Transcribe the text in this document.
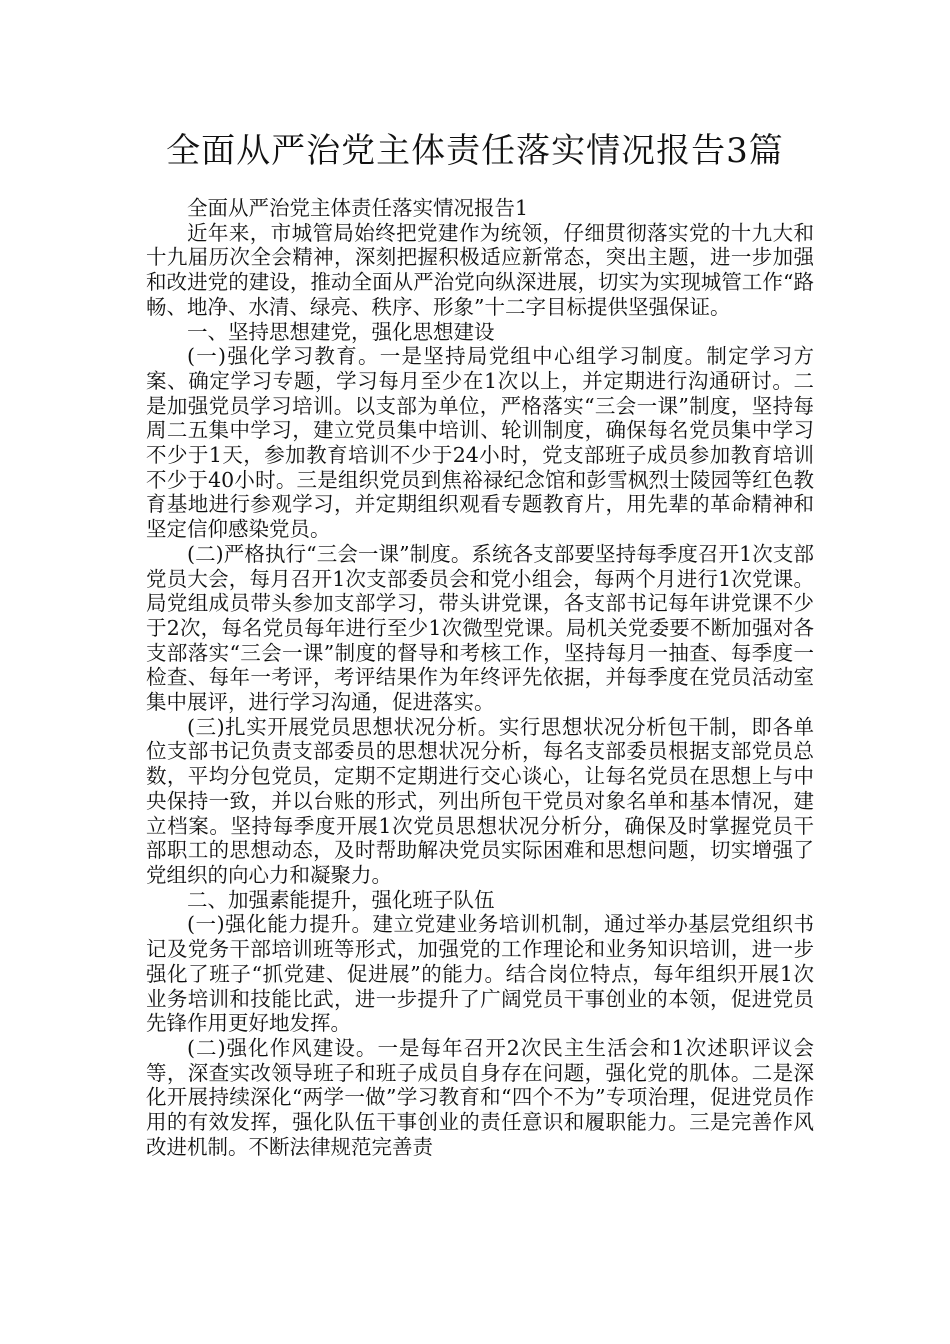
全面从严治党主体责任落实情况报告3篇

全面从严治党主体责任落实情况报告1

近年来，市城管局始终把党建作为统领，仔细贯彻落实党的十九大和十九届历次全会精神，深刻把握积极适应新常态，突出主题，进一步加强和改进党的建设，推动全面从严治党向纵深进展，切实为实现城管工作“路畅、地净、水清、绿亮、秩序、形象”十二字目标提供坚强保证。

一、坚持思想建党，强化思想建设

(一)强化学习教育。一是坚持局党组中心组学习制度。制定学习方案、确定学习专题，学习每月至少在1次以上，并定期进行沟通研讨。二是加强党员学习培训。以支部为单位，严格落实“三会一课”制度，坚持每周二五集中学习，建立党员集中培训、轮训制度，确保每名党员集中学习不少于1天，参加教育培训不少于24小时，党支部班子成员参加教育培训不少于40小时。三是组织党员到焦裕禄纪念馆和彭雪枫烈士陵园等红色教育基地进行参观学习，并定期组织观看专题教育片，用先辈的革命精神和坚定信仰感染党员。

(二)严格执行“三会一课”制度。系统各支部要坚持每季度召开1次支部党员大会，每月召开1次支部委员会和党小组会，每两个月进行1次党课。局党组成员带头参加支部学习，带头讲党课，各支部书记每年讲党课不少于2次，每名党员每年进行至少1次微型党课。局机关党委要不断加强对各支部落实“三会一课”制度的督导和考核工作，坚持每月一抽查、每季度一检查、每年一考评，考评结果作为年终评先依据，并每季度在党员活动室集中展评，进行学习沟通，促进落实。

(三)扎实开展党员思想状况分析。实行思想状况分析包干制，即各单位支部书记负责支部委员的思想状况分析，每名支部委员根据支部党员总数，平均分包党员，定期不定期进行交心谈心，让每名党员在思想上与中央保持一致，并以台账的形式，列出所包干党员对象名单和基本情况，建立档案。坚持每季度开展1次党员思想状况分析分，确保及时掌握党员干部职工的思想动态，及时帮助解决党员实际困难和思想问题，切实增强了党组织的向心力和凝聚力。

二、加强素能提升，强化班子队伍

(一)强化能力提升。建立党建业务培训机制，通过举办基层党组织书记及党务干部培训班等形式，加强党的工作理论和业务知识培训，进一步强化了班子“抓党建、促进展”的能力。结合岗位特点，每年组织开展1次业务培训和技能比武，进一步提升了广阔党员干事创业的本领，促进党员先锋作用更好地发挥。

(二)强化作风建设。一是每年召开2次民主生活会和1次述职评议会等，深查实改领导班子和班子成员自身存在问题，强化党的肌体。二是深化开展持续深化“两学一做”学习教育和“四个不为”专项治理，促进党员作用的有效发挥，强化队伍干事创业的责任意识和履职能力。三是完善作风改进机制。不断法律规范完善责
